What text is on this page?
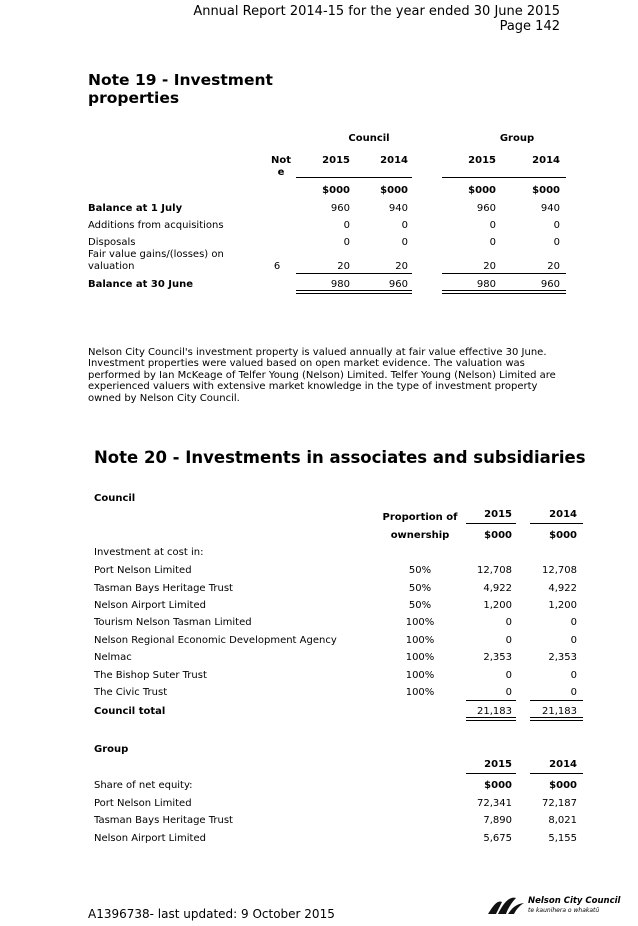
Annual Report 2014-15 for the year ended 30 June 2015
Page 142
Note 19 - Investment
properties
Council	Group
Not
e
2015	2014	2015	2014
$000	$000	$000	$000
Balance at 1 July	960	940	960	940
Additions from acquisitions	0	0	0	0
Disposals	0	0	0	0
Fair value gains/(losses) on
valuation	6	20	20	20	20
Balance at 30 June	980	960	980	960
Nelson City Council's investment property is valued annually at fair value effective 30 June. Investment properties were valued based on open market evidence. The valuation was performed by Ian McKeage of Telfer Young (Nelson) Limited. Telfer Young (Nelson) Limited are experienced valuers with extensive market knowledge in the type of investment property owned by Nelson City Council.
Note 20 - Investments in associates and subsidiaries
Council
Proportion of
ownership
2015	2014
$000	$000
Investment at cost in:
Port Nelson Limited	50%	12,708	12,708
Tasman Bays Heritage Trust	50%	4,922	4,922
Nelson Airport Limited	50%	1,200	1,200
Tourism Nelson Tasman Limited	100%	0	0
Nelson Regional Economic Development Agency	100%	0	0
Nelmac	100%	2,353	2,353
The Bishop Suter Trust	100%	0	0
The Civic Trust	100%	0	0
Council total	21,183	21,183
Group
2015	2014
Share of net equity:	$000	$000
Port Nelson Limited	72,341	72,187
Tasman Bays Heritage Trust	7,890	8,021
Nelson Airport Limited	5,675	5,155
A1396738- last updated: 9 October 2015
Nelson City Council
te kaunihera o whakatū
